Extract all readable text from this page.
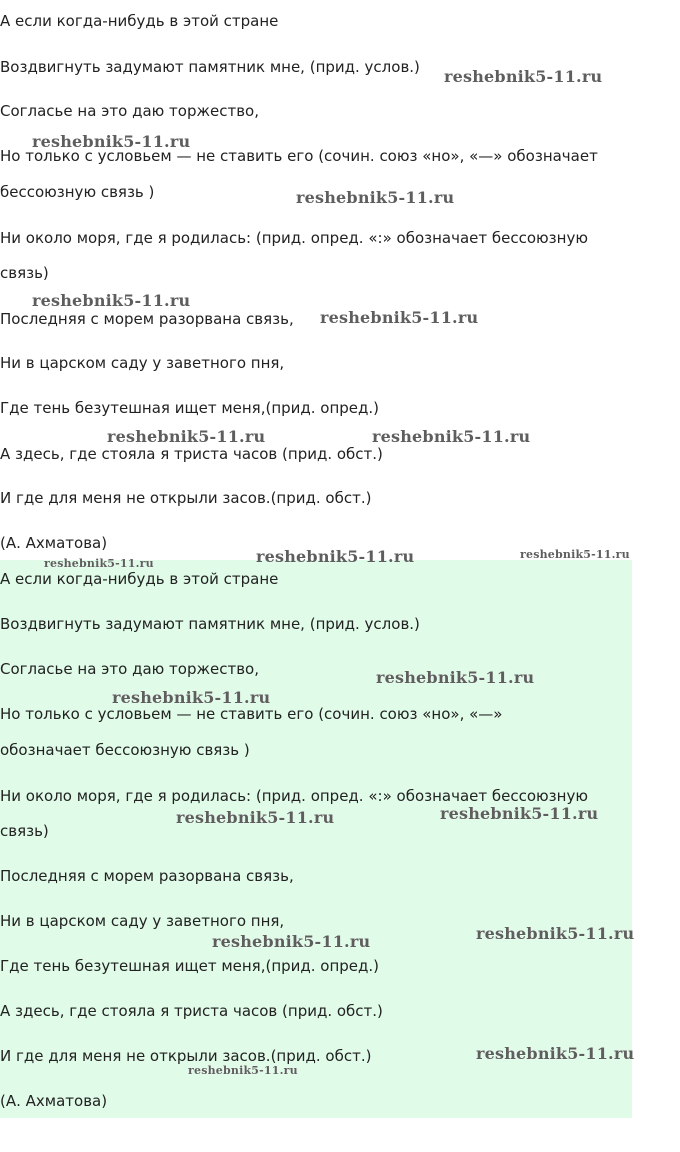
А если когда-нибудь в этой стране

Воздвигнуть задумают памятник мне, (прид. услов.)

Согласье на это даю торжество,

Но только с условьем — не ставить его (сочин. союз «но», «—» обозначает

бессоюзную связь )

Ни около моря, где я родилась: (прид. опред. «:» обозначает бессоюзную

связь)

Последняя с морем разорвана связь,

Ни в царском саду у заветного пня,

Где тень безутешная ищет меня,(прид. опред.)

А здесь, где стояла я триста часов (прид. обст.)

И где для меня не открыли засов.(прид. обст.)

(А. Ахматова)

А если когда-нибудь в этой стране

Воздвигнуть задумают памятник мне, (прид. услов.)

Согласье на это даю торжество,

Но только с условьем — не ставить его (сочин. союз «но», «—»

обозначает бессоюзную связь )

Ни около моря, где я родилась: (прид. опред. «:» обозначает бессоюзную

связь)

Последняя с морем разорвана связь,

Ни в царском саду у заветного пня,

Где тень безутешная ищет меня,(прид. опред.)

А здесь, где стояла я триста часов (прид. обст.)

И где для меня не открыли засов.(прид. обст.)

(А. Ахматова)

reshebnik5-11.ru
reshebnik5-11.ru
reshebnik5-11.ru
reshebnik5-11.ru
reshebnik5-11.ru
reshebnik5-11.ru	reshebnik5-11.ru
reshebnik5-11.ru	reshebnik5-11.ru	reshebnik5-11.ru
reshebnik5-11.ru
reshebnik5-11.ru
reshebnik5-11.ru	reshebnik5-11.ru
reshebnik5-11.ru	reshebnik5-11.ru
reshebnik5-11.ru
reshebnik5-11.ru
